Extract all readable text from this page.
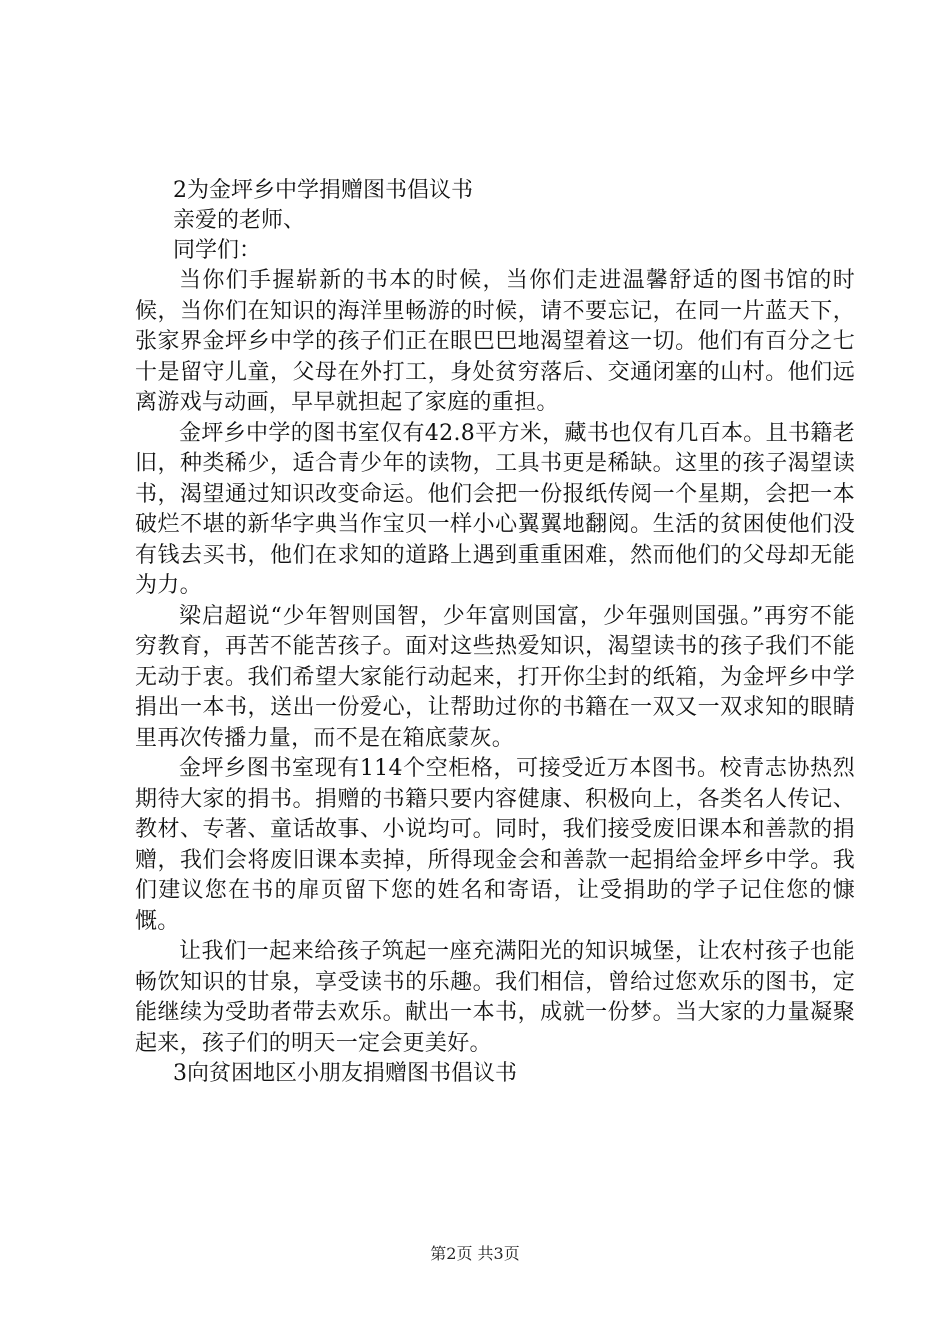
2为金坪乡中学捐赠图书倡议书
亲爱的老师、
同学们：

当你们手握崭新的书本的时候，当你们走进温馨舒适的图书馆的时候，当你们在知识的海洋里畅游的时候，请不要忘记，在同一片蓝天下，张家界金坪乡中学的孩子们正在眼巴巴地渴望着这一切。他们有百分之七十是留守儿童，父母在外打工，身处贫穷落后、交通闭塞的山村。他们远离游戏与动画，早早就担起了家庭的重担。

金坪乡中学的图书室仅有42.8平方米，藏书也仅有几百本。且书籍老旧，种类稀少，适合青少年的读物，工具书更是稀缺。这里的孩子渴望读书，渴望通过知识改变命运。他们会把一份报纸传阅一个星期，会把一本破烂不堪的新华字典当作宝贝一样小心翼翼地翻阅。生活的贫困使他们没有钱去买书，他们在求知的道路上遇到重重困难，然而他们的父母却无能为力。

梁启超说“少年智则国智，少年富则国富，少年强则国强。”再穷不能穷教育，再苦不能苦孩子。面对这些热爱知识，渴望读书的孩子我们不能无动于衷。我们希望大家能行动起来，打开你尘封的纸箱，为金坪乡中学捐出一本书，送出一份爱心，让帮助过你的书籍在一双又一双求知的眼睛里再次传播力量，而不是在箱底蒙灰。

金坪乡图书室现有114个空柜格，可接受近万本图书。校青志协热烈期待大家的捐书。捐赠的书籍只要内容健康、积极向上，各类名人传记、教材、专著、童话故事、小说均可。同时，我们接受废旧课本和善款的捐赠，我们会将废旧课本卖掉，所得现金会和善款一起捐给金坪乡中学。我们建议您在书的扉页留下您的姓名和寄语，让受捐助的学子记住您的慷慨。

让我们一起来给孩子筑起一座充满阳光的知识城堡，让农村孩子也能畅饮知识的甘泉，享受读书的乐趣。我们相信，曾给过您欢乐的图书，定能继续为受助者带去欢乐。献出一本书，成就一份梦。当大家的力量凝聚起来，孩子们的明天一定会更美好。

3向贫困地区小朋友捐赠图书倡议书
第2页 共3页
